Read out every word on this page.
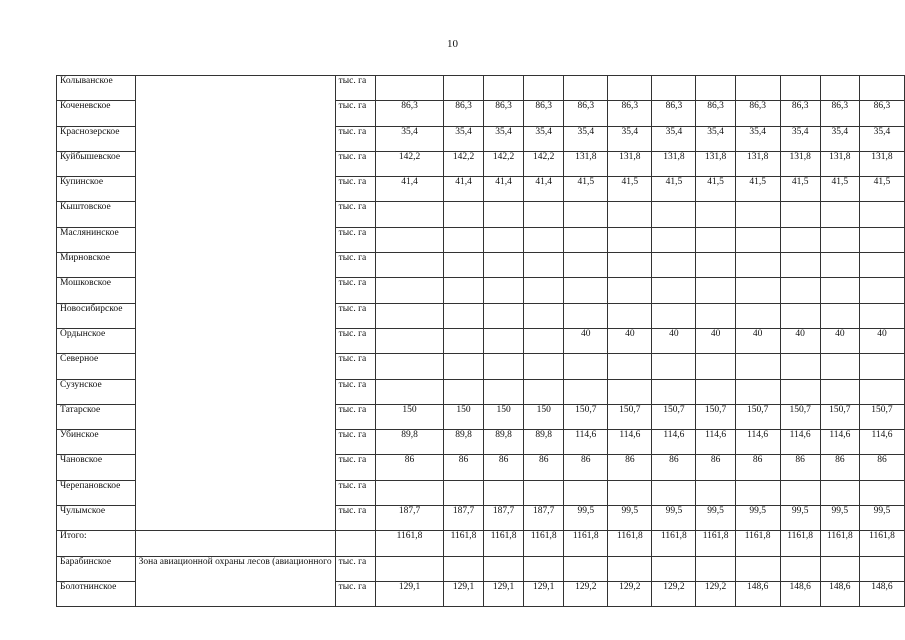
10
Колыванское		тыс. га												
Коченевское		тыс. га	86,3	86,3	86,3	86,3	86,3	86,3	86,3	86,3	86,3	86,3	86,3	86,3
Краснозерское		тыс. га	35,4	35,4	35,4	35,4	35,4	35,4	35,4	35,4	35,4	35,4	35,4	35,4
Куйбышевское		тыс. га	142,2	142,2	142,2	142,2	131,8	131,8	131,8	131,8	131,8	131,8	131,8	131,8
Купинское		тыс. га	41,4	41,4	41,4	41,4	41,5	41,5	41,5	41,5	41,5	41,5	41,5	41,5
Кыштовское		тыс. га												
Маслянинское		тыс. га												
Мирновское		тыс. га												
Мошковское		тыс. га												
Новосибирское		тыс. га												
Ордынское		тыс. га					40	40	40	40	40	40	40	40
Северное		тыс. га												
Сузунское		тыс. га												
Татарское		тыс. га	150	150	150	150	150,7	150,7	150,7	150,7	150,7	150,7	150,7	150,7
Убинское		тыс. га	89,8	89,8	89,8	89,8	114,6	114,6	114,6	114,6	114,6	114,6	114,6	114,6
Чановское		тыс. га	86	86	86	86	86	86	86	86	86	86	86	86
Черепановское		тыс. га												
Чулымское		тыс. га	187,7	187,7	187,7	187,7	99,5	99,5	99,5	99,5	99,5	99,5	99,5	99,5
Итого:			1161,8	1161,8	1161,8	1161,8	1161,8	1161,8	1161,8	1161,8	1161,8	1161,8	1161,8	1161,8
Барабинское	Зона авиационной охраны лесов (авиационного	тыс. га												
Болотнинское		тыс. га	129,1	129,1	129,1	129,1	129,2	129,2	129,2	129,2	148,6	148,6	148,6	148,6
